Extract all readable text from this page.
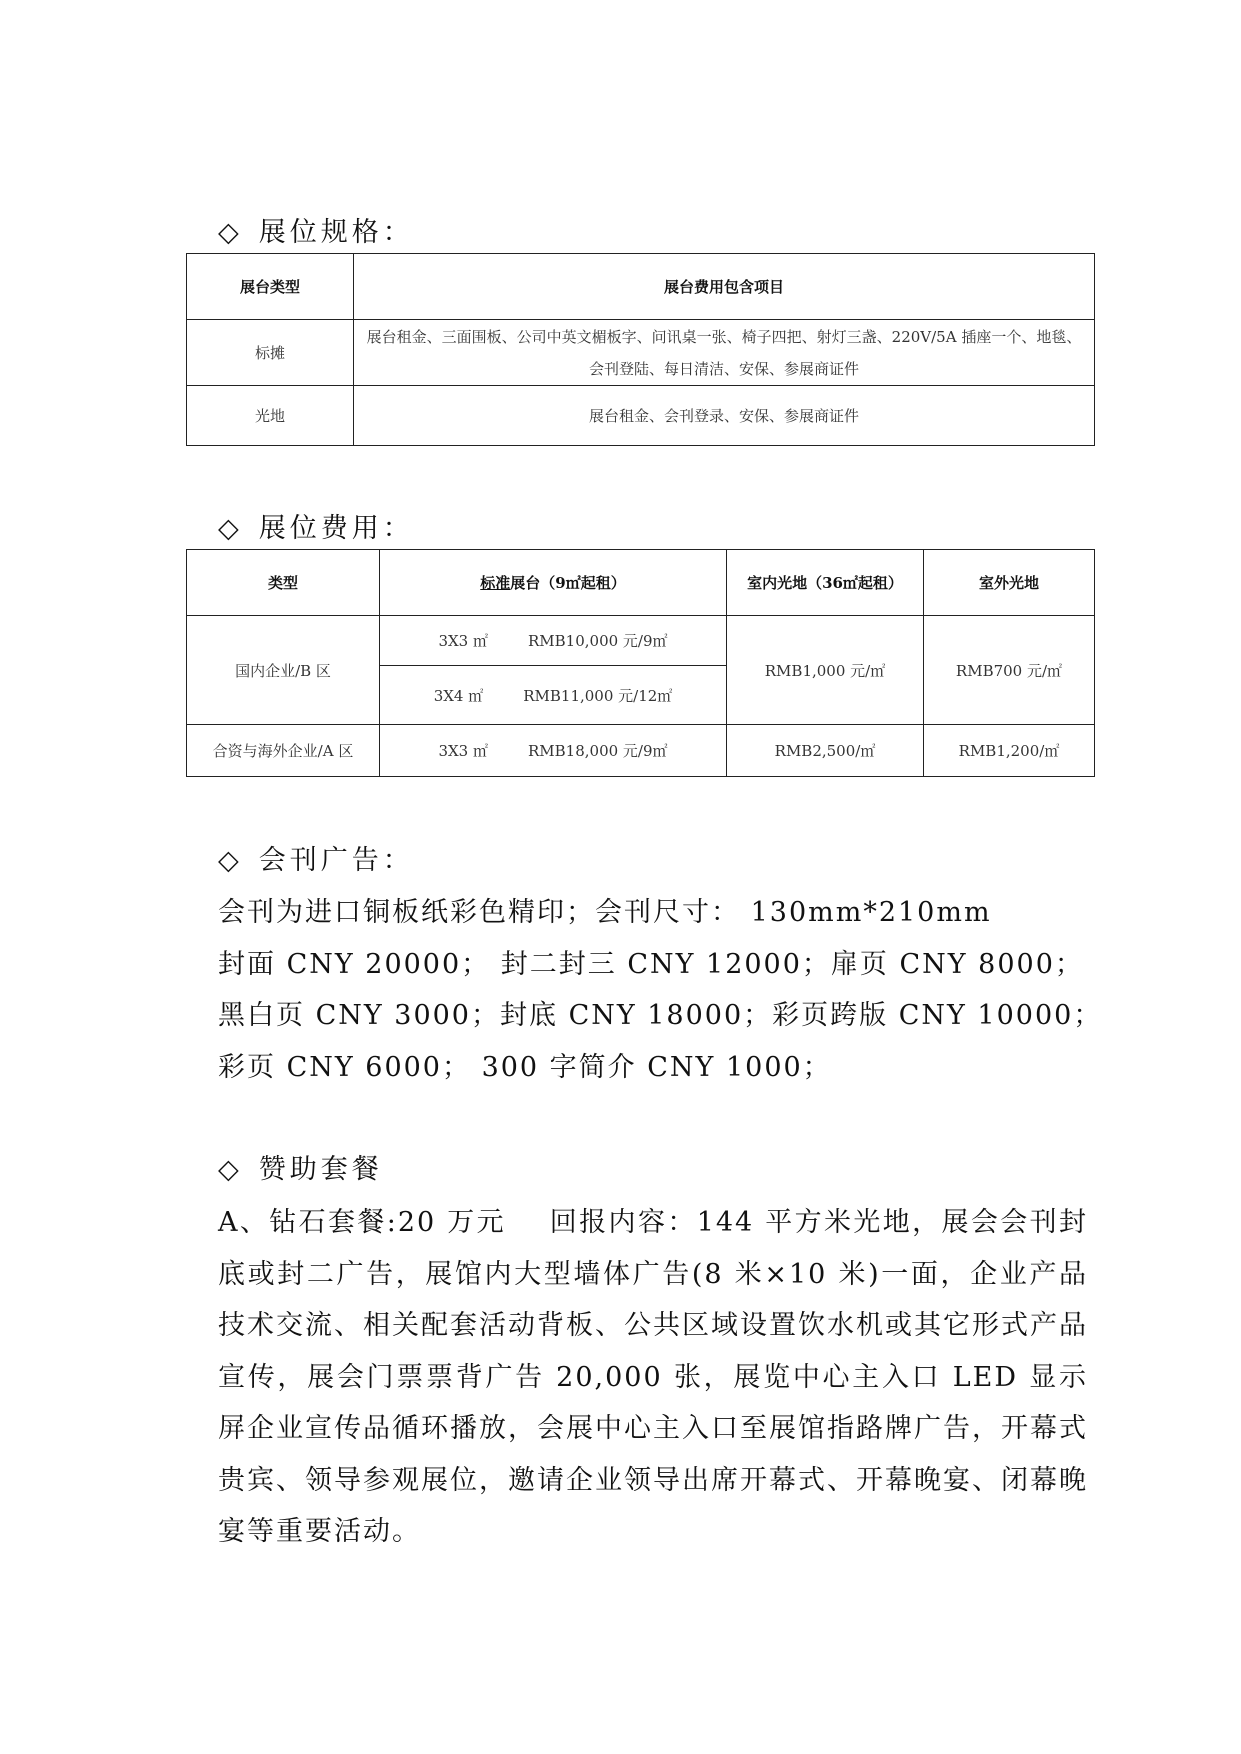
◇ 展位规格：
展台类型	展台费用包含项目
标摊	展台租金、三面围板、公司中英文楣板字、问讯桌一张、椅子四把、射灯三盏、220V/5A 插座一个、地毯、
会刊登陆、每日清洁、安保、参展商证件

光地	展台租金、会刊登录、安保、参展商证件
◇ 展位费用：
类型	标准展台（9㎡起租）	室内光地（36㎡起租）	室外光地
国内企业/B 区	3X3 ㎡ RMB10,000 元/9㎡	RMB1,000 元/㎡	RMB700 元/㎡

	3X4 ㎡ RMB11,000 元/12㎡		

合资与海外企业/A 区	3X3 ㎡ RMB18,000 元/9㎡	RMB2,500/㎡	RMB1,200/㎡
◇ 会刊广告：

会刊为进口铜板纸彩色精印；会刊尺寸： 130mm*210mm

封面 CNY 20000； 封二封三 CNY 12000；扉页 CNY 8000；

黑白页 CNY 3000；封底 CNY 18000；彩页跨版 CNY 10000；

彩页 CNY 6000； 300 字简介 CNY 1000；

◇ 赞助套餐

A、钻石套餐:20 万元    回报内容：144 平方米光地，展会会刊封底或封二广告，展馆内大型墙体广告(8 米×10 米)一面，企业产品技术交流、相关配套活动背板、公共区域设置饮水机或其它形式产品宣传，展会门票票背广告 20,000 张，展览中心主入口 LED 显示屏企业宣传品循环播放，会展中心主入口至展馆指路牌广告，开幕式贵宾、领导参观展位，邀请企业领导出席开幕式、开幕晚宴、闭幕晚宴等重要活动。
